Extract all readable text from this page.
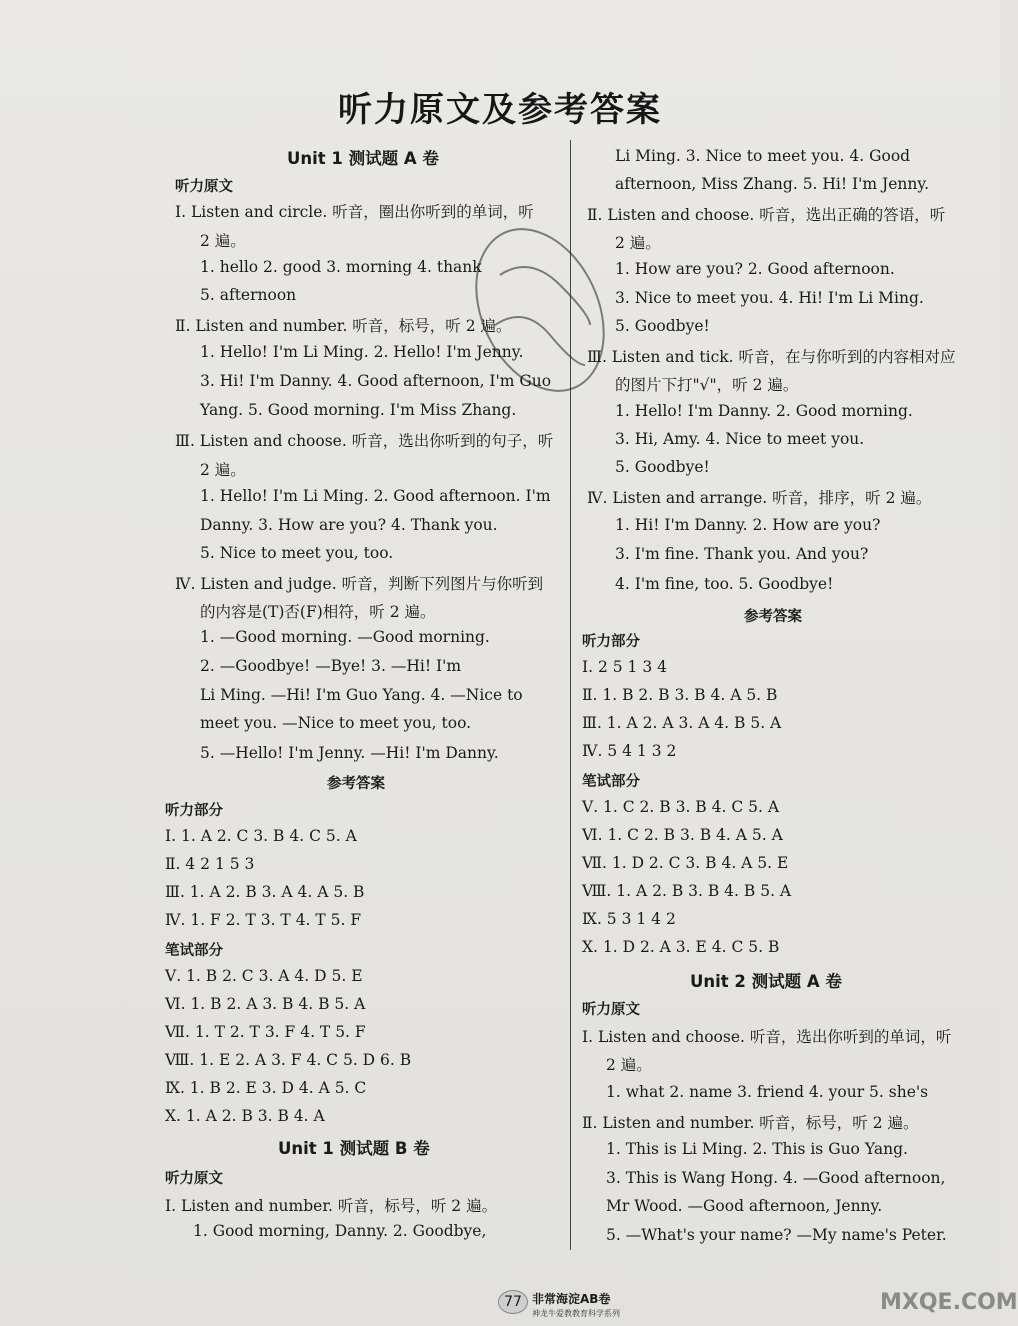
听力原文及参考答案
Unit 1 测试题 A 卷
听力原文
Ⅰ. Listen and circle. 听音，圈出你听到的单词，听
2 遍。
1. hello 2. good 3. morning 4. thank
5. afternoon
Ⅱ. Listen and number. 听音，标号，听 2 遍。
1. Hello! I'm Li Ming. 2. Hello! I'm Jenny.
3. Hi! I'm Danny. 4. Good afternoon, I'm Guo
Yang. 5. Good morning. I'm Miss Zhang.
Ⅲ. Listen and choose. 听音，选出你听到的句子，听
2 遍。
1. Hello! I'm Li Ming. 2. Good afternoon. I'm
Danny. 3. How are you? 4. Thank you.
5. Nice to meet you, too.
Ⅳ. Listen and judge. 听音，判断下列图片与你听到
的内容是(T)否(F)相符，听 2 遍。
1. —Good morning. —Good morning.
2. —Goodbye! —Bye! 3. —Hi! I'm
Li Ming. —Hi! I'm Guo Yang. 4. —Nice to
meet you. —Nice to meet you, too.
5. —Hello! I'm Jenny. —Hi! I'm Danny.
参考答案
听力部分
Ⅰ. 1. A 2. C 3. B 4. C 5. A
Ⅱ. 4 2 1 5 3
Ⅲ. 1. A 2. B 3. A 4. A 5. B
Ⅳ. 1. F 2. T 3. T 4. T 5. F
笔试部分
Ⅴ. 1. B 2. C 3. A 4. D 5. E
Ⅵ. 1. B 2. A 3. B 4. B 5. A
Ⅶ. 1. T 2. T 3. F 4. T 5. F
Ⅷ. 1. E 2. A 3. F 4. C 5. D 6. B
Ⅸ. 1. B 2. E 3. D 4. A 5. C
Ⅹ. 1. A 2. B 3. B 4. A
Unit 1 测试题 B 卷
听力原文
Ⅰ. Listen and number. 听音，标号，听 2 遍。
1. Good morning, Danny. 2. Goodbye,
Li Ming. 3. Nice to meet you. 4. Good
afternoon, Miss Zhang. 5. Hi! I'm Jenny.
Ⅱ. Listen and choose. 听音，选出正确的答语，听
2 遍。
1. How are you? 2. Good afternoon.
3. Nice to meet you. 4. Hi! I'm Li Ming.
5. Goodbye!
Ⅲ. Listen and tick. 听音，在与你听到的内容相对应
的图片下打"√"，听 2 遍。
1. Hello! I'm Danny. 2. Good morning.
3. Hi, Amy. 4. Nice to meet you.
5. Goodbye!
Ⅳ. Listen and arrange. 听音，排序，听 2 遍。
1. Hi! I'm Danny. 2. How are you?
3. I'm fine. Thank you. And you?
4. I'm fine, too. 5. Goodbye!
参考答案
听力部分
Ⅰ. 2 5 1 3 4
Ⅱ. 1. B 2. B 3. B 4. A 5. B
Ⅲ. 1. A 2. A 3. A 4. B 5. A
Ⅳ. 5 4 1 3 2
笔试部分
Ⅴ. 1. C 2. B 3. B 4. C 5. A
Ⅵ. 1. C 2. B 3. B 4. A 5. A
Ⅶ. 1. D 2. C 3. B 4. A 5. E
Ⅷ. 1. A 2. B 3. B 4. B 5. A
Ⅸ. 5 3 1 4 2
Ⅹ. 1. D 2. A 3. E 4. C 5. B
Unit 2 测试题 A 卷
听力原文
Ⅰ. Listen and choose. 听音，选出你听到的单词，听
2 遍。
1. what 2. name 3. friend 4. your 5. she's
Ⅱ. Listen and number. 听音，标号，听 2 遍。
1. This is Li Ming. 2. This is Guo Yang.
3. This is Wang Hong. 4. —Good afternoon,
Mr Wood. —Good afternoon, Jenny.
5. —What's your name? —My name's Peter.
77 非常海淀AB卷
神龙牛爱教教育科学系列	MXQE.COM
